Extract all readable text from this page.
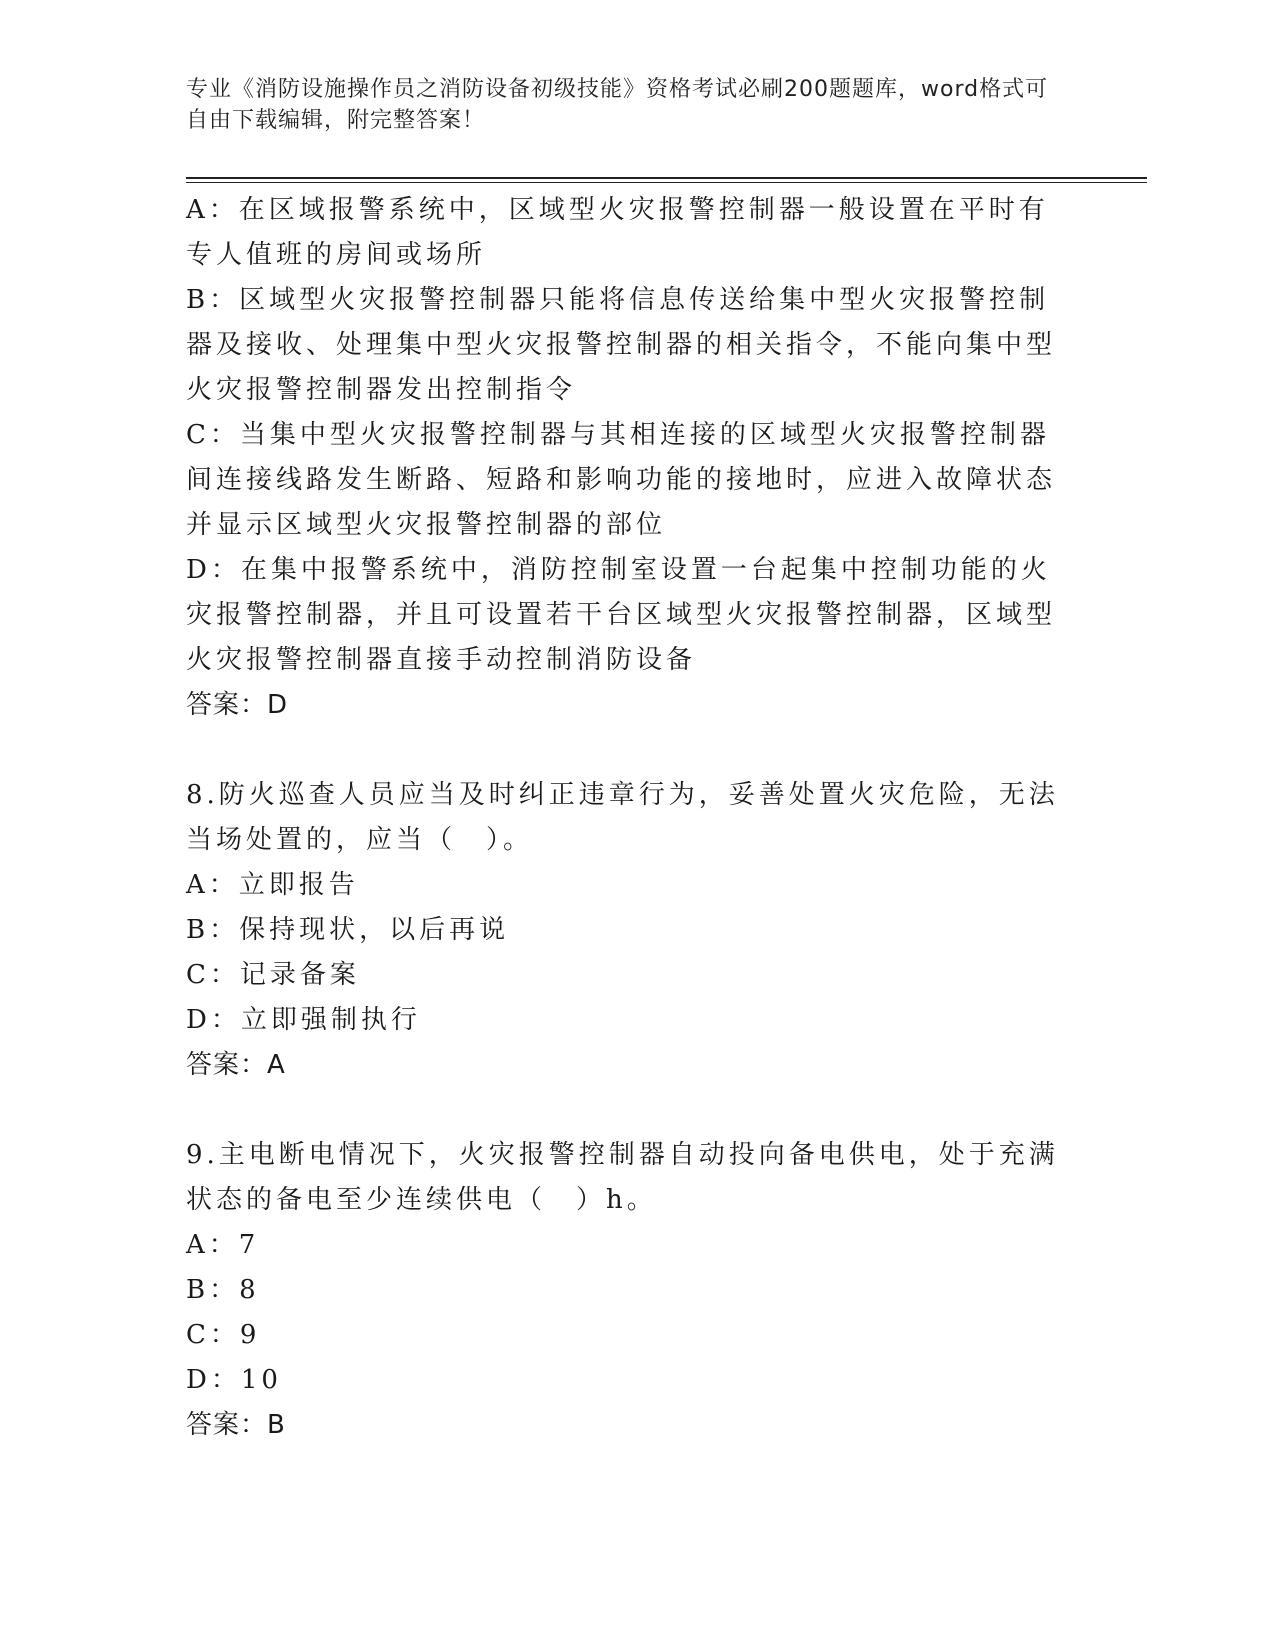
专业《消防设施操作员之消防设备初级技能》资格考试必刷200题题库，word格式可自由下载编辑，附完整答案！

A：在区域报警系统中，区域型火灾报警控制器一般设置在平时有专人值班的房间或场所

B：区域型火灾报警控制器只能将信息传送给集中型火灾报警控制器及接收、处理集中型火灾报警控制器的相关指令，不能向集中型火灾报警控制器发出控制指令

C：当集中型火灾报警控制器与其相连接的区域型火灾报警控制器间连接线路发生断路、短路和影响功能的接地时，应进入故障状态并显示区域型火灾报警控制器的部位

D：在集中报警系统中，消防控制室设置一台起集中控制功能的火灾报警控制器，并且可设置若干台区域型火灾报警控制器，区域型火灾报警控制器直接手动控制消防设备

答案：D

8.防火巡查人员应当及时纠正违章行为，妥善处置火灾危险，无法当场处置的，应当（　）。

A：立即报告

B：保持现状，以后再说

C：记录备案

D：立即强制执行

答案：A

9.主电断电情况下，火灾报警控制器自动投向备电供电，处于充满状态的备电至少连续供电（　）h。

A：7

B：8

C：9

D：10

答案：B
